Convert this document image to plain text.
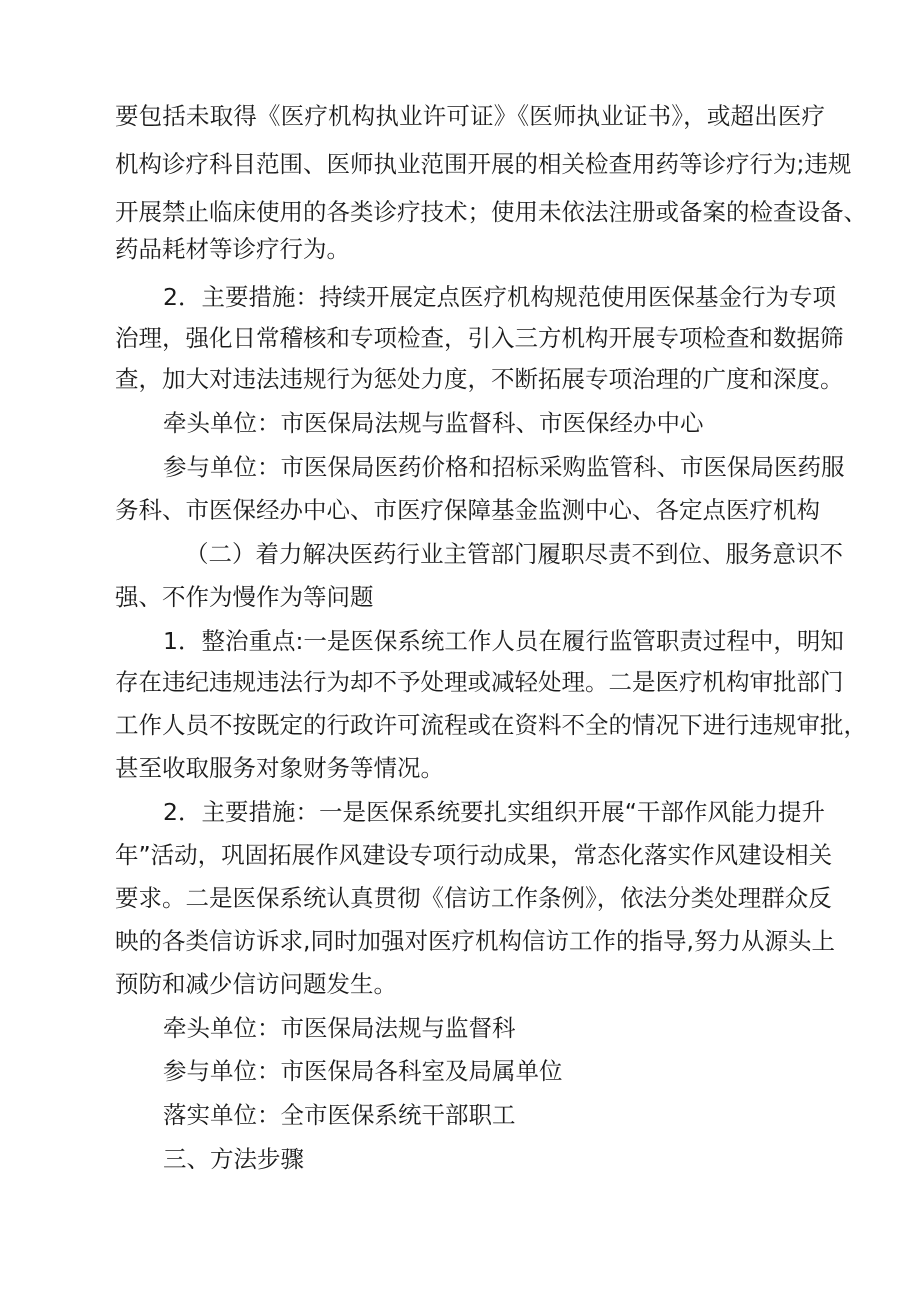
要包括未取得《医疗机构执业许可证》《医师执业证书》，或超出医疗
机构诊疗科目范围、医师执业范围开展的相关检查用药等诊疗行为;违规
开展禁止临床使用的各类诊疗技术；使用未依法注册或备案的检查设备、
药品耗材等诊疗行为。
2．主要措施：持续开展定点医疗机构规范使用医保基金行为专项
治理，强化日常稽核和专项检查，引入三方机构开展专项检查和数据筛
查，加大对违法违规行为惩处力度，不断拓展专项治理的广度和深度。
牵头单位：市医保局法规与监督科、市医保经办中心
参与单位：市医保局医药价格和招标采购监管科、市医保局医药服
务科、市医保经办中心、市医疗保障基金监测中心、各定点医疗机构
（二）着力解决医药行业主管部门履职尽责不到位、服务意识不
强、不作为慢作为等问题
1．整治重点:一是医保系统工作人员在履行监管职责过程中，明知
存在违纪违规违法行为却不予处理或减轻处理。二是医疗机构审批部门
工作人员不按既定的行政许可流程或在资料不全的情况下进行违规审批，
甚至收取服务对象财务等情况。
2．主要措施：一是医保系统要扎实组织开展“干部作风能力提升
年”活动，巩固拓展作风建设专项行动成果，常态化落实作风建设相关
要求。二是医保系统认真贯彻《信访工作条例》，依法分类处理群众反
映的各类信访诉求,同时加强对医疗机构信访工作的指导,努力从源头上
预防和减少信访问题发生。
牵头单位：市医保局法规与监督科
参与单位：市医保局各科室及局属单位
落实单位：全市医保系统干部职工
三、方法步骤
